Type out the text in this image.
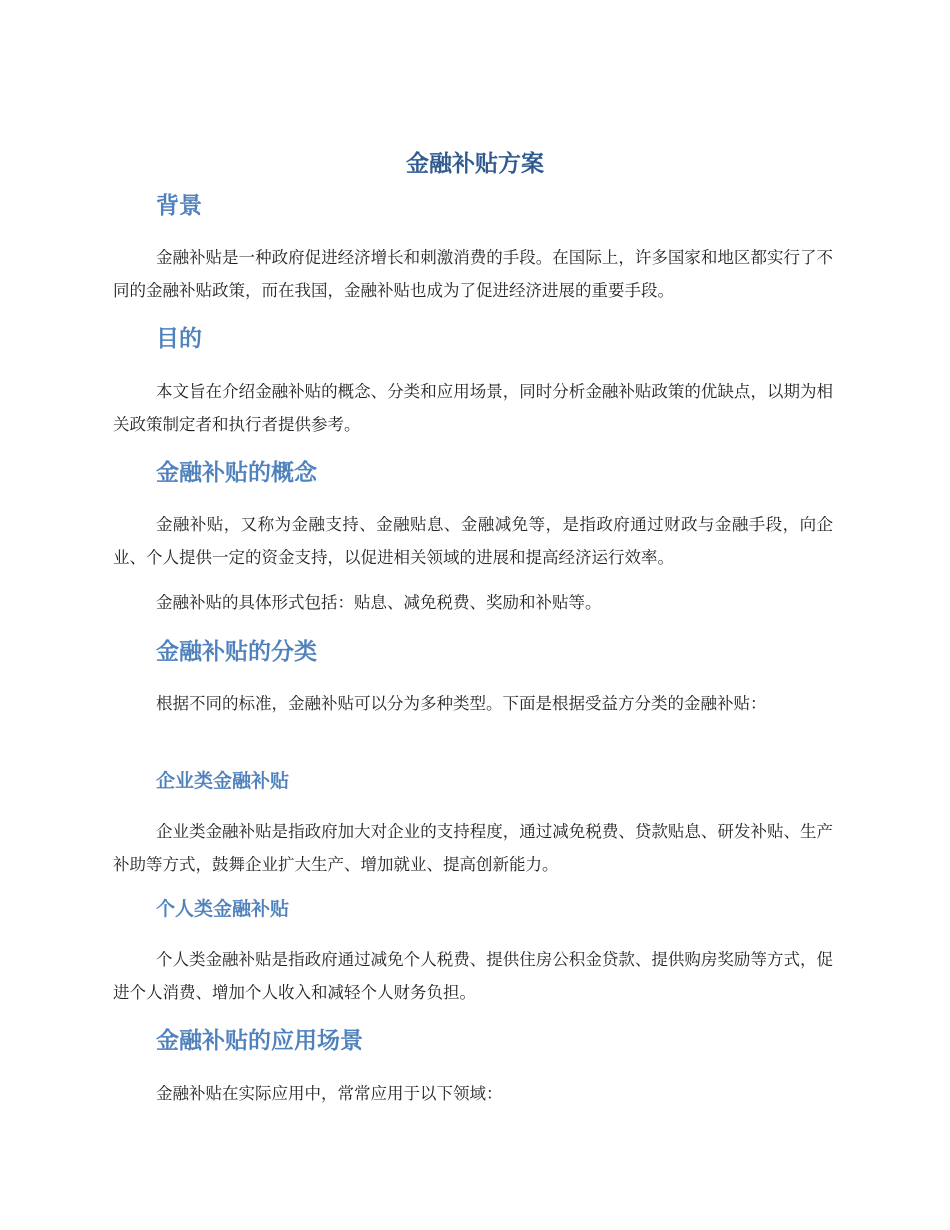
金融补贴方案
背景

金融补贴是一种政府促进经济增长和刺激消费的手段。在国际上，许多国家和地区都实行了不同的金融补贴政策，而在我国，金融补贴也成为了促进经济进展的重要手段。

目的

本文旨在介绍金融补贴的概念、分类和应用场景，同时分析金融补贴政策的优缺点，以期为相关政策制定者和执行者提供参考。

金融补贴的概念

金融补贴，又称为金融支持、金融贴息、金融减免等，是指政府通过财政与金融手段，向企业、个人提供一定的资金支持，以促进相关领域的进展和提高经济运行效率。

金融补贴的具体形式包括：贴息、减免税费、奖励和补贴等。

金融补贴的分类

根据不同的标准，金融补贴可以分为多种类型。下面是根据受益方分类的金融补贴：

企业类金融补贴

企业类金融补贴是指政府加大对企业的支持程度，通过减免税费、贷款贴息、研发补贴、生产补助等方式，鼓舞企业扩大生产、增加就业、提高创新能力。

个人类金融补贴

个人类金融补贴是指政府通过减免个人税费、提供住房公积金贷款、提供购房奖励等方式，促进个人消费、增加个人收入和减轻个人财务负担。

金融补贴的应用场景

金融补贴在实际应用中，常常应用于以下领域：
